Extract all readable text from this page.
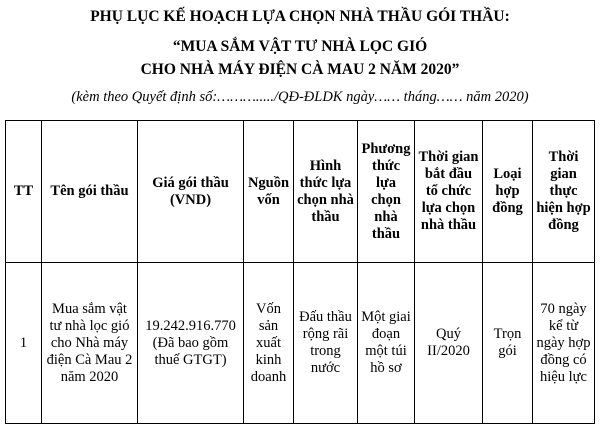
PHỤ LỤC KẾ HOẠCH LỰA CHỌN NHÀ THẦU GÓI THẦU:

“MUA SẮM VẬT TƯ NHÀ LỌC GIÓ

CHO NHÀ MÁY ĐIỆN CÀ MAU 2 NĂM 2020”

(kèm theo Quyết định số:………...../QĐ-ĐLDK ngày…… tháng…… năm 2020)

TT	Tên gói thầu	Giá gói thầu (VND)	Nguồn vốn	Hình thức lựa chọn nhà thầu	Phương thức lựa chọn nhà thầu	Thời gian bắt đầu tổ chức lựa chọn nhà thầu	Loại hợp đồng	Thời gian thực hiện hợp đồng
1	Mua sắm vật tư nhà lọc gió cho Nhà máy điện Cà Mau 2 năm 2020	19.242.916.770 (Đã bao gồm thuế GTGT)	Vốn sản xuất kinh doanh	Đấu thầu rộng rãi trong nước	Một giai đoạn một túi hồ sơ	Quý II/2020	Trọn gói	70 ngày kể từ ngày hợp đồng có hiệu lực
